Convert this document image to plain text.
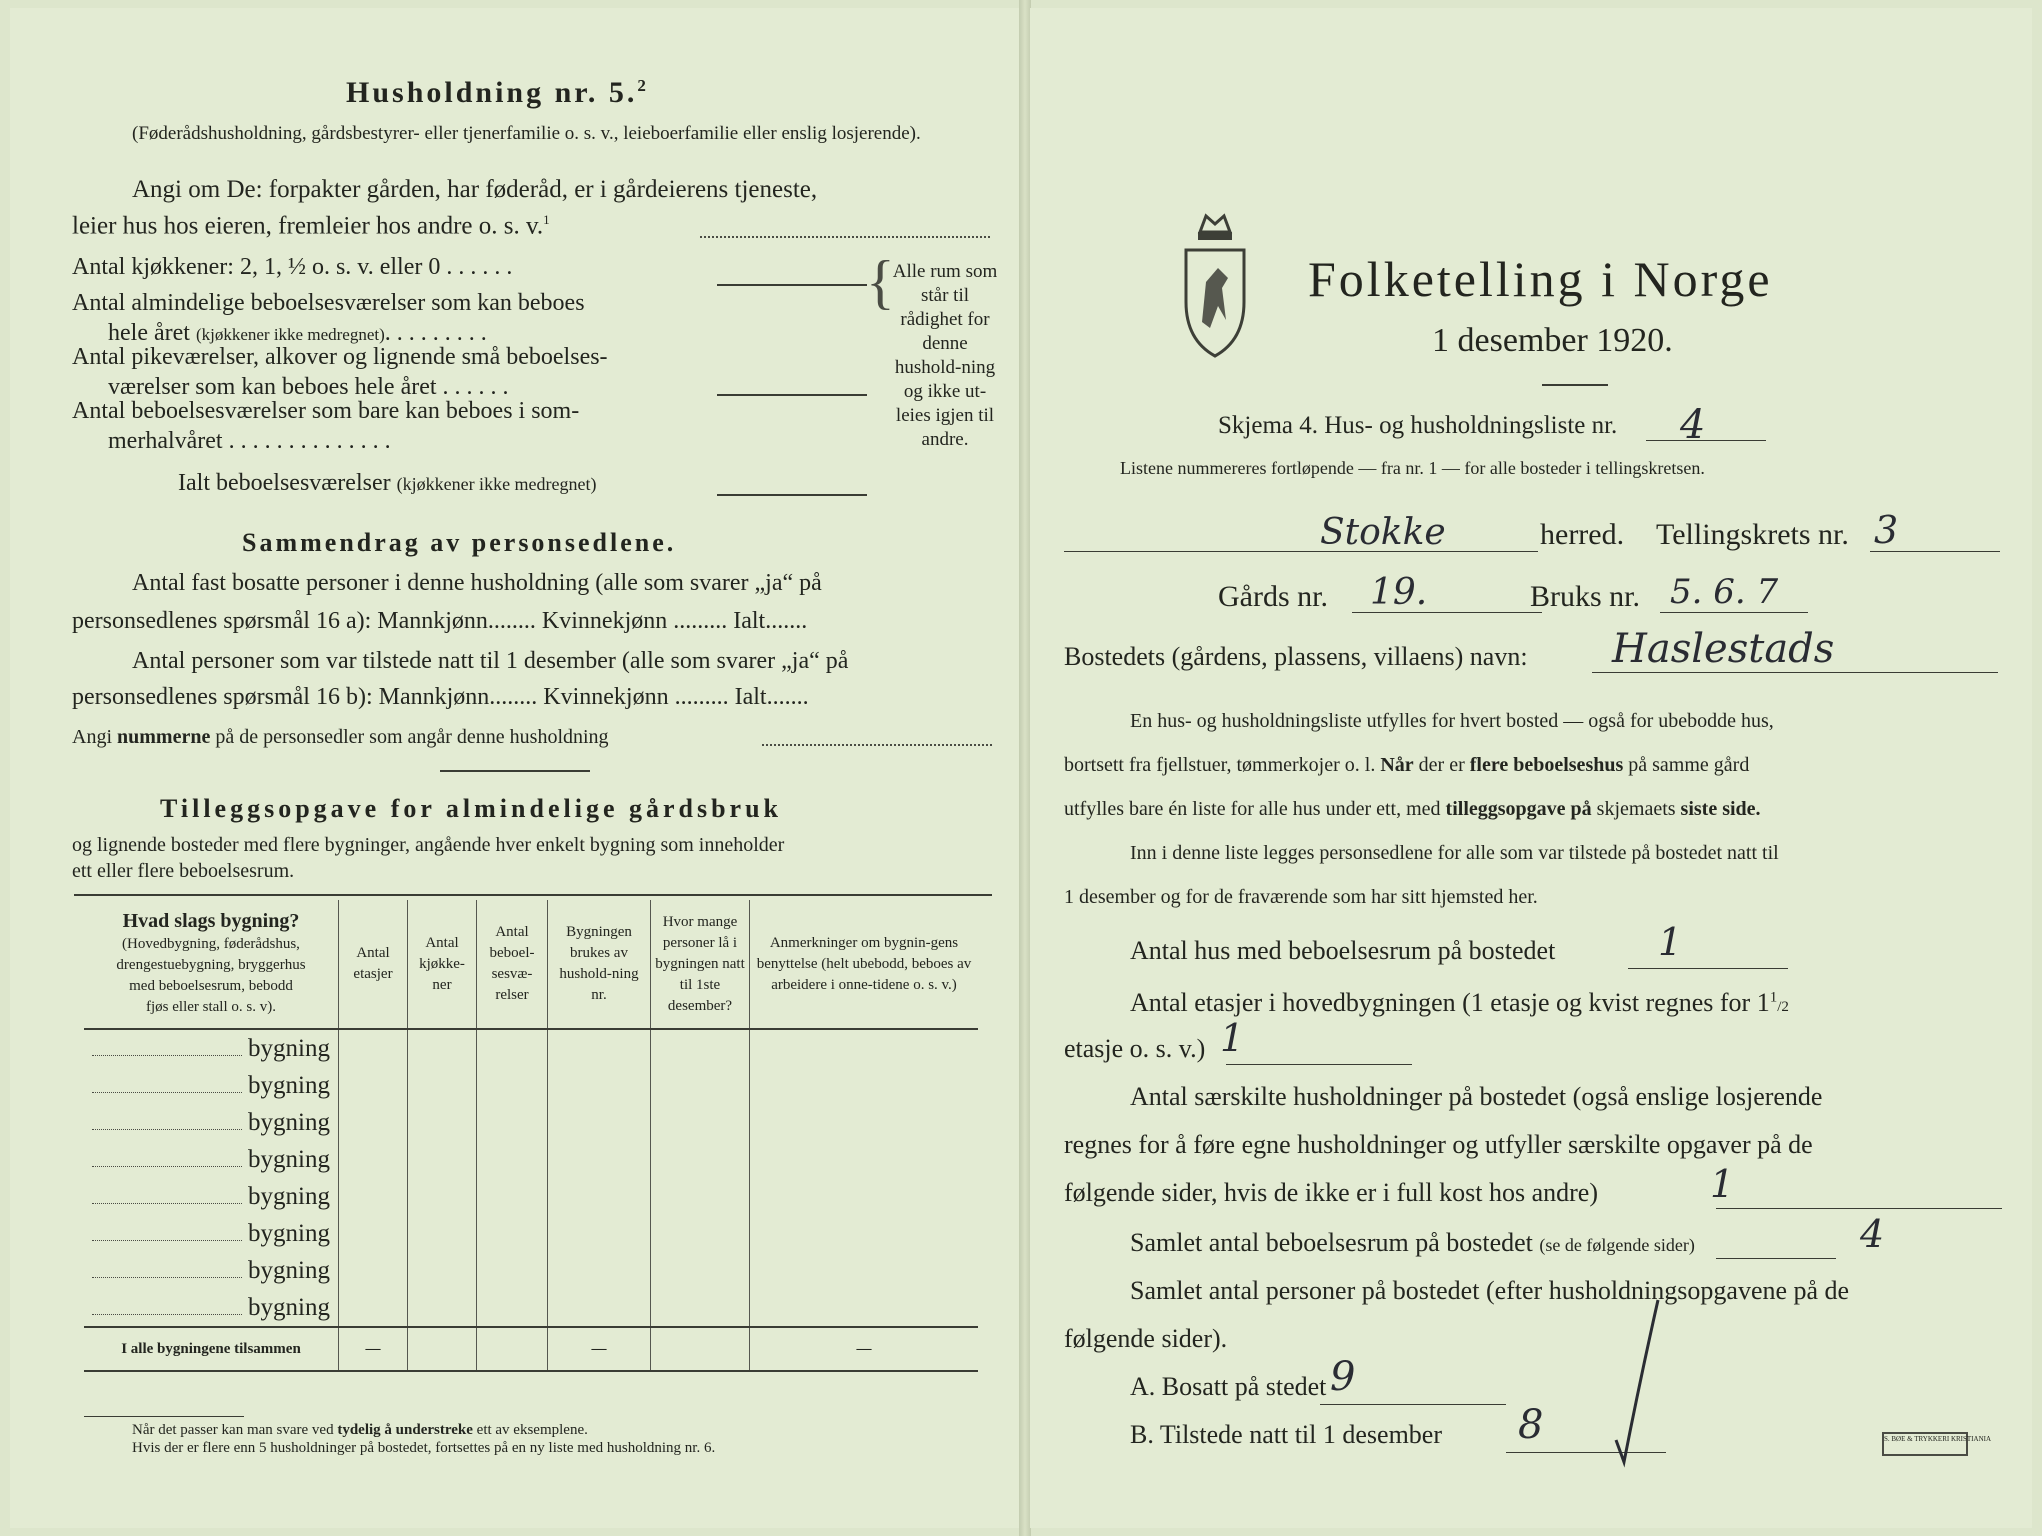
Husholdning nr. 5.$^2$
(Føderådshusholdning, gårdsbestyrer- eller tjenerfamilie o. s. v., leieboerfamilie eller enslig losjerende).
Angi om De: forpakter gården, har føderåd, er i gårdeierens tjeneste,
leier hus hos eieren, fremleier hos andre o. s. v.$^1$
Antal kjøkkener: 2, 1, ½ o. s. v. eller 0 . . . . . .
Antal almindelige beboelsesværelser som kan beboes
hele året (kjøkkener ikke medregnet). . . . . . . . .
Antal pikeværelser, alkover og lignende små beboelses-
værelser som kan beboes hele året . . . . . .
Antal beboelsesværelser som bare kan beboes i som-
merhalvåret . . . . . . . . . . . . . .
Ialt beboelsesværelser (kjøkkener ikke medregnet)
{
Alle rum som står til rådighet for denne hushold-ning og ikke ut-leies igjen til andre.
Sammendrag av personsedlene.
Antal fast bosatte personer i denne husholdning (alle som svarer „ja“ på
personsedlenes spørsmål 16 a): Mannkjønn........ Kvinnekjønn ......... Ialt.......
Antal personer som var tilstede natt til 1 desember (alle som svarer „ja“ på
personsedlenes spørsmål 16 b): Mannkjønn........ Kvinnekjønn ......... Ialt.......
Angi nummerne på de personsedler som angår denne husholdning
Tilleggsopgave for almindelige gårdsbruk
og lignende bosteder med flere bygninger, angående hver enkelt bygning som inneholder
ett eller flere beboelsesrum.
Hvad slags bygning?
(Hovedbygning, føderådshus,
drengestuebygning, bryggerhus
med beboelsesrum, bebodd
fjøs eller stall o. s. v).	Antal etasjer	Antal kjøkke-ner	Antal beboel-sesvæ-relser	Bygningen brukes av hushold-ning nr.	Hvor mange personer lå i bygningen natt til 1ste desember?	Anmerkninger om bygnin-gens benyttelse (helt ubebodd, beboes av arbeidere i onne-tidene o. s. v.)
bygning						
bygning						
bygning						
bygning						
bygning						
bygning						
bygning						
bygning						
I alle bygningene tilsammen	—			—		—
Når det passer kan man svare ved tydelig å understreke ett av eksemplene.
Hvis der er flere enn 5 husholdninger på bostedet, fortsettes på en ny liste med husholdning nr. 6.
Folketelling i Norge
1 desember 1920.
Skjema 4. Hus- og husholdningsliste nr. 4
Listene nummereres fortløpende — fra nr. 1 — for alle bosteder i tellingskretsen.
Stokke	herred. Tellingskrets nr. 3
Gårds nr. 19.	Bruks nr. 5. 6. 7
Bostedets (gårdens, plassens, villaens) navn: Haslestads
En hus- og husholdningsliste utfylles for hvert bosted — også for ubebodde hus,
bortsett fra fjellstuer, tømmerkojer o. l. Når der er flere beboelseshus på samme gård
utfylles bare én liste for alle hus under ett, med tilleggsopgave på skjemaets siste side.
Inn i denne liste legges personsedlene for alle som var tilstede på bostedet natt til
1 desember og for de fraværende som har sitt hjemsted her.
Antal hus med beboelsesrum på bostedet	1
Antal etasjer i hovedbygningen (1 etasje og kvist regnes for $1^1/2$
etasje o. s. v.) 1
Antal særskilte husholdninger på bostedet (også enslige losjerende
regnes for å føre egne husholdninger og utfyller særskilte opgaver på de
følgende sider, hvis de ikke er i full kost hos andre)	1
Samlet antal beboelsesrum på bostedet (se de følgende sider)	4
Samlet antal personer på bostedet (efter husholdningsopgavene på de
følgende sider).
A. Bosatt på stedet 9
B. Tilstede natt til 1 desember 8	S. BØE & TRYKKERI KRISTIANIA
